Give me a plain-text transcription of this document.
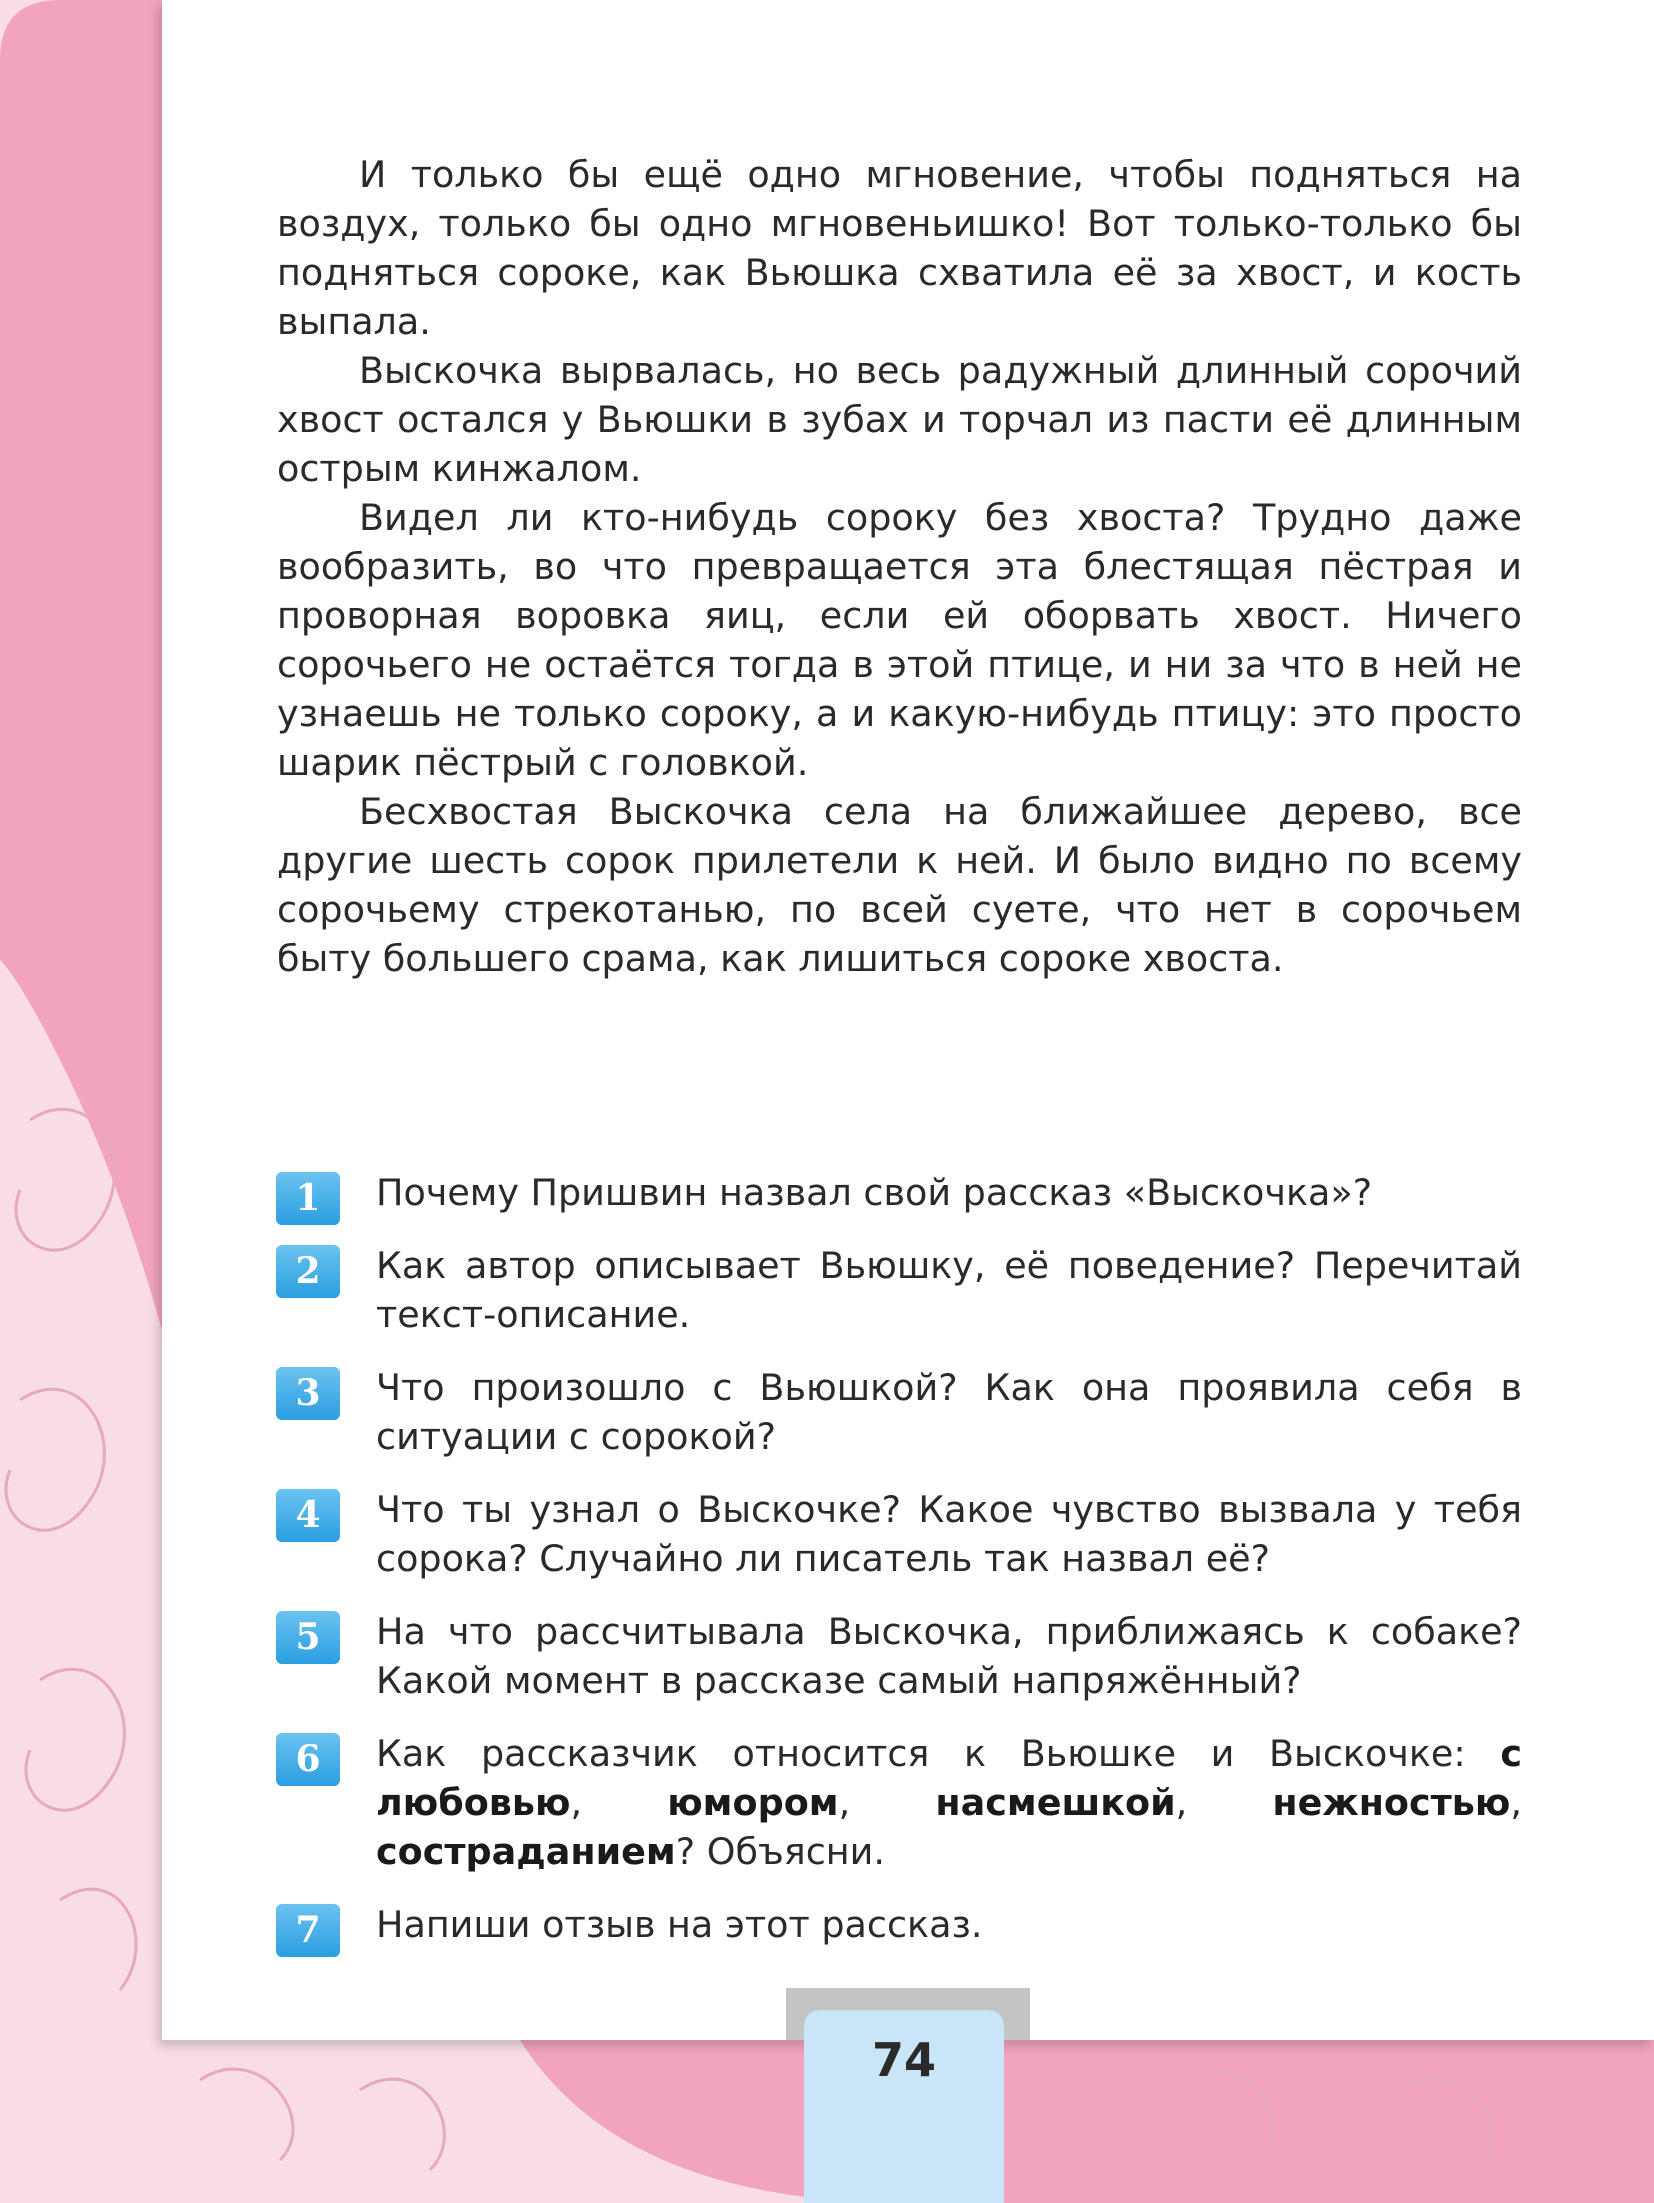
И только бы ещё одно мгновение, чтобы подняться на воздух, только бы одно мгновеньишко! Вот только-только бы подняться сороке, как Вьюшка схватила её за хвост, и кость выпала.

Выскочка вырвалась, но весь радужный длинный сорочий хвост остался у Вьюшки в зубах и торчал из пасти её длинным острым кинжалом.

Видел ли кто-нибудь сороку без хвоста? Трудно даже вообразить, во что превращается эта блестящая пёстрая и проворная воровка яиц, если ей оборвать хвост. Ничего сорочьего не остаётся тогда в этой птице, и ни за что в ней не узнаешь не только сороку, а и какую-нибудь птицу: это просто шарик пёстрый с головкой.

Бесхвостая Выскочка села на ближайшее дерево, все другие шесть сорок прилетели к ней. И было видно по всему сорочьему стрекотанью, по всей суете, что нет в сорочьем быту большего срама, как лишиться сороке хвоста.

1	Почему Пришвин назвал свой рассказ «Выскочка»?
2	Как автор описывает Вьюшку, её поведение? Перечитай текст-описание.
3	Что произошло с Вьюшкой? Как она проявила себя в ситуации с сорокой?
4	Что ты узнал о Выскочке? Какое чувство вызвала у тебя сорока? Случайно ли писатель так назвал её?
5	На что рассчитывала Выскочка, приближаясь к собаке? Какой момент в рассказе самый напряжённый?
6	Как рассказчик относится к Вьюшке и Выскочке: с любовью, юмором, насмешкой, нежностью, состраданием? Объясни.
7	Напиши отзыв на этот рассказ.
74
